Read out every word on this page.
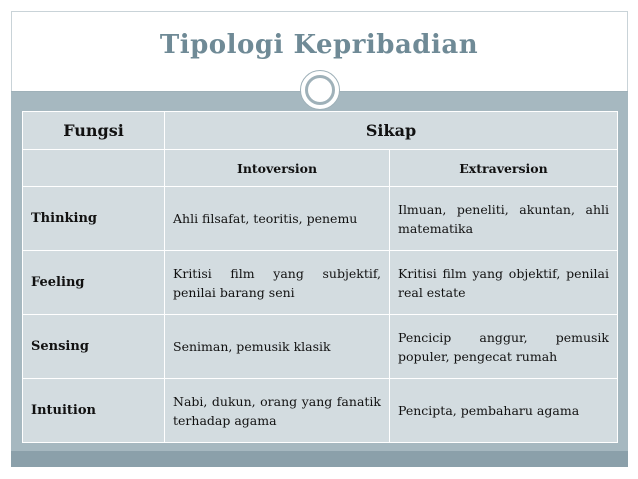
Tipologi Kepribadian
Fungsi	Sikap	
	Intoversion	Extraversion
Thinking	Ahli filsafat, teoritis, penemu	Ilmuan, peneliti, akuntan, ahli matematika
Feeling	Kritisi film yang subjektif, penilai barang seni	Kritisi film yang objektif, penilai real estate
Sensing	Seniman, pemusik klasik	Pencicip anggur, pemusik populer, pengecat rumah
Intuition	Nabi, dukun, orang yang fanatik terhadap agama	Pencipta, pembaharu agama
